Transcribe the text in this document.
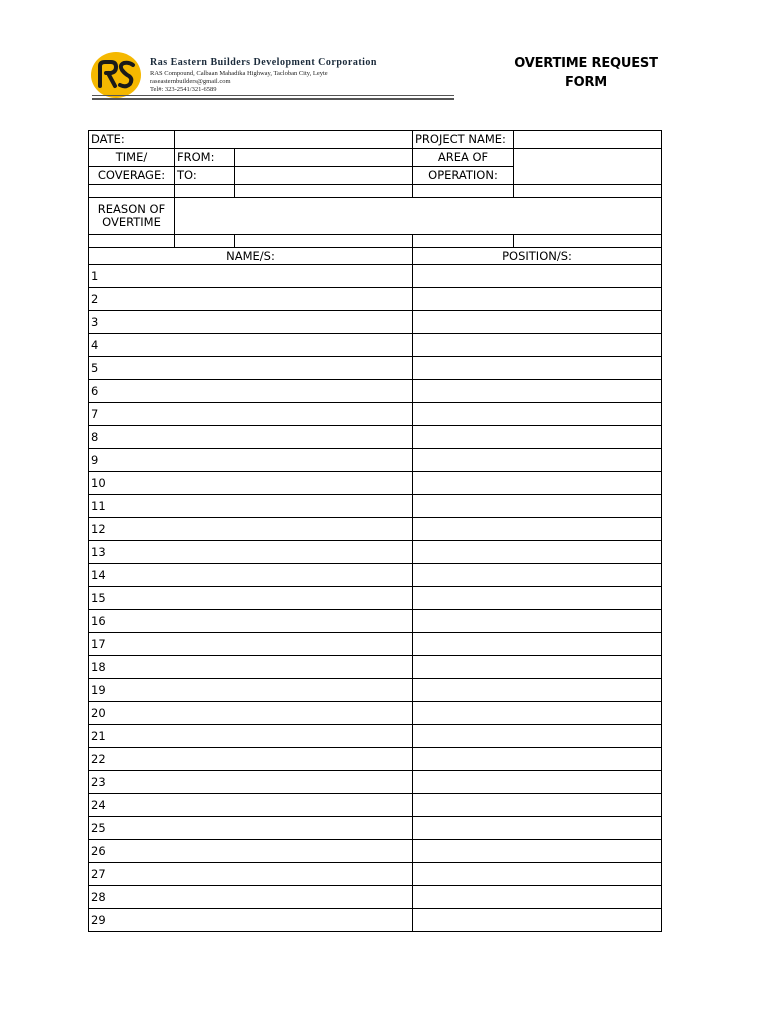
Ras Eastern Builders Development Corporation
RAS Compound, Calbaan Mahadika Highway, Tacloban City, Leyte
raseasternbuilders@gmail.com
Tel#: 323-2541/321-6589
OVERTIME REQUEST
FORM
DATE:			PROJECT NAME:	
TIME/	FROM:		AREA OF	
COVERAGE:	TO:		OPERATION:	

REASON OF
OVERTIME				

NAME/S:			POSITION/S:	
1				
2				
3				
4				
5				
6				
7				
8				
9				
10				
11				
12				
13				
14				
15				
16				
17				
18				
19				
20				
21				
22				
23				
24				
25				
26				
27				
28				
29				
